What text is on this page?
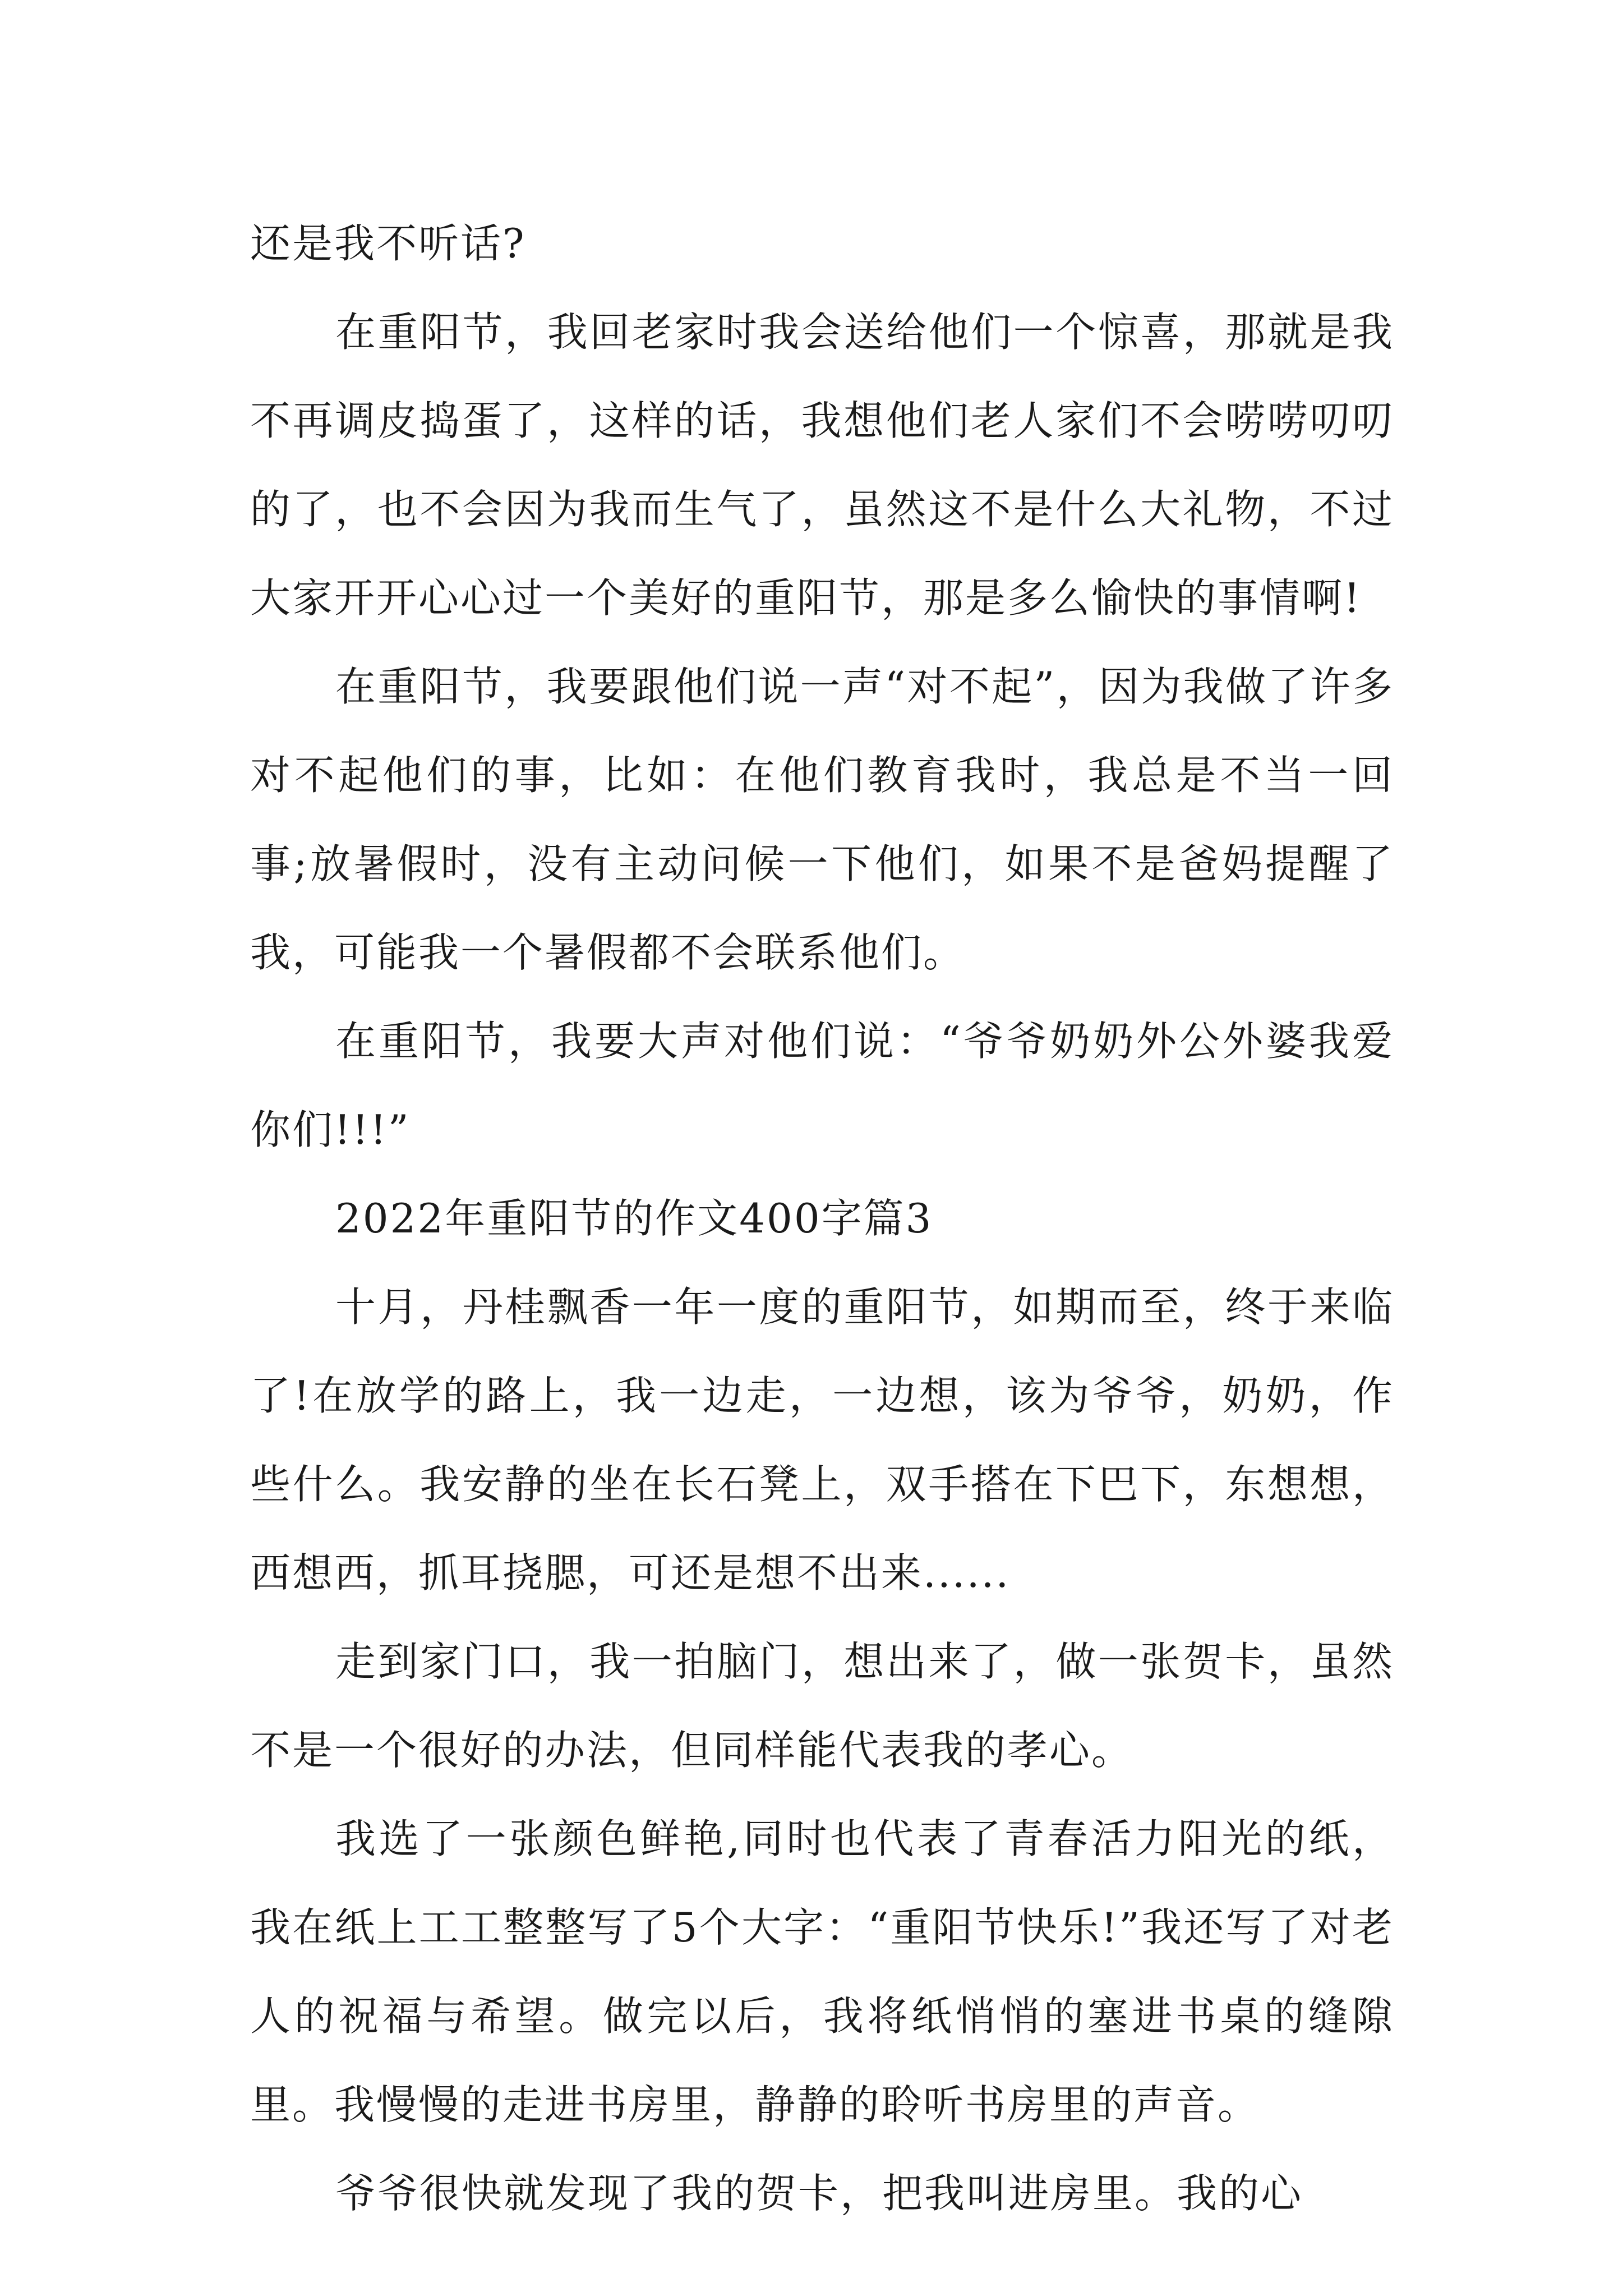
还是我不听话?

在重阳节，我回老家时我会送给他们一个惊喜，那就是我不再调皮捣蛋了，这样的话，我想他们老人家们不会唠唠叨叨的了，也不会因为我而生气了，虽然这不是什么大礼物，不过大家开开心心过一个美好的重阳节，那是多么愉快的事情啊!

在重阳节，我要跟他们说一声“对不起”，因为我做了许多对不起他们的事，比如：在他们教育我时，我总是不当一回事;放暑假时，没有主动问候一下他们，如果不是爸妈提醒了我，可能我一个暑假都不会联系他们。

在重阳节，我要大声对他们说：“爷爷奶奶外公外婆我爱你们!!!”

2022年重阳节的作文400字篇3

十月，丹桂飘香一年一度的重阳节，如期而至，终于来临了!在放学的路上，我一边走，一边想，该为爷爷，奶奶，作些什么。我安静的坐在长石凳上，双手搭在下巴下，东想想，西想西，抓耳挠腮，可还是想不出来......

走到家门口，我一拍脑门，想出来了，做一张贺卡，虽然不是一个很好的办法，但同样能代表我的孝心。

我选了一张颜色鲜艳,同时也代表了青春活力阳光的纸，我在纸上工工整整写了5个大字：“重阳节快乐!”我还写了对老人的祝福与希望。做完以后，我将纸悄悄的塞进书桌的缝隙里。我慢慢的走进书房里，静静的聆听书房里的声音。

爷爷很快就发现了我的贺卡，把我叫进房里。我的心
